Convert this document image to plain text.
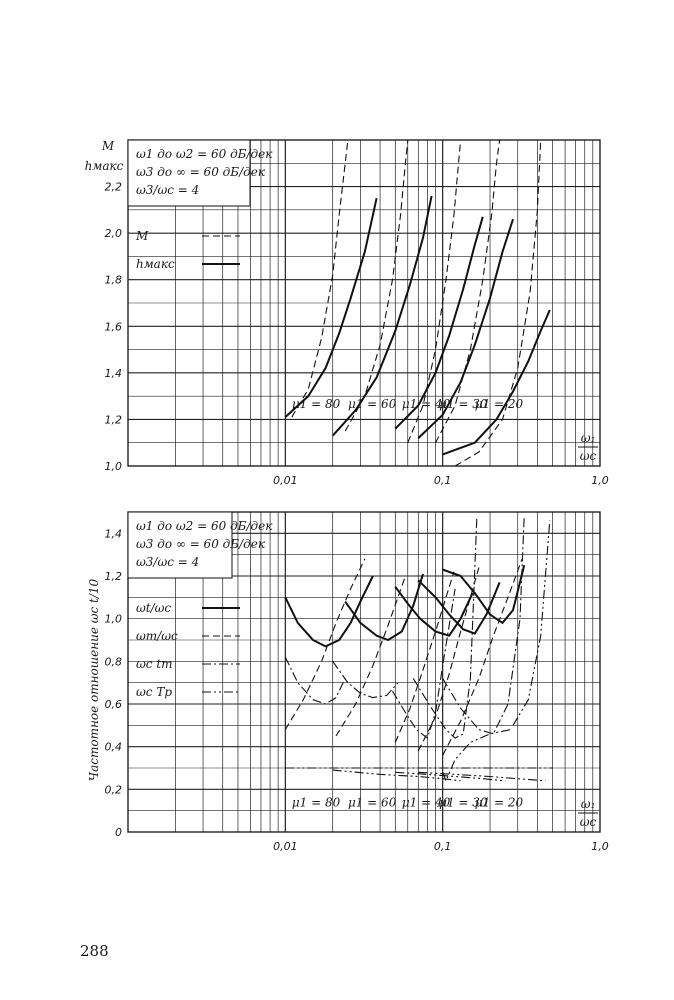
1,0
1,2
1,4
1,6
1,8
2,0
2,2
0,01	0,1	1,0
ω₁
ωc
ω1 до ω2 = 60 дБ/дек
ω3 до ∞ = 60 дБ/дек
ω3/ωc = 4
M
hмакс
μ1 = 80 μ1 = 60 μ1 = 40
μ1 = 30
μ1 = 20
M
hмакс
0
0,2
0,4
0,6
0,8
1,0
1,2
1,4
0,01	0,1	1,0
ω₁
ωc
ω1 до ω2 = 60 дБ/дек
ω3 до ∞ = 60 дБ/дек
ω3/ωc = 4
ωt/ωc
ωm/ωc
ωc tm
ωc Tp
μ1 = 80 μ1 = 60 μ1 = 40
μ1 = 30
μ1 = 20
Частотное отношение ωc t/10
288
